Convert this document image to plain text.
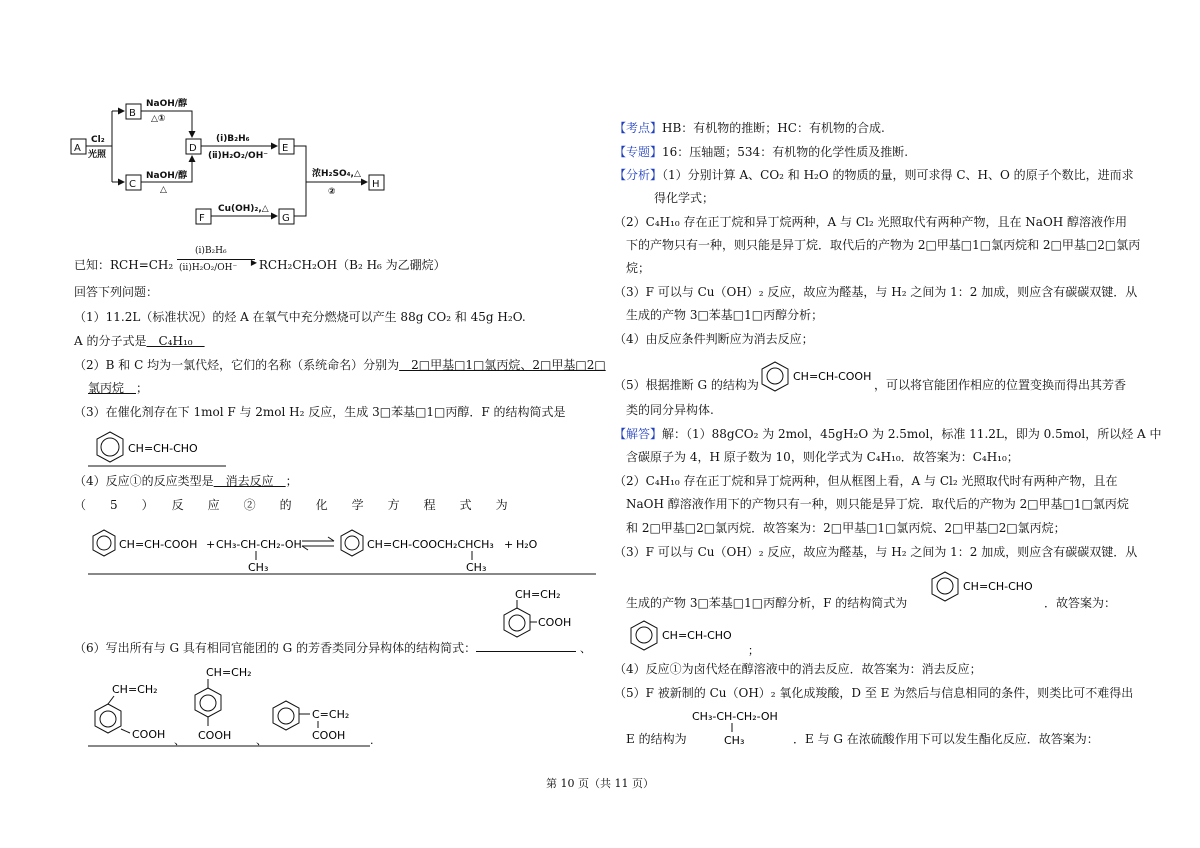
A
B
C
D	E
F	G
H
Cl₂
光照
NaOH/醇
△①
NaOH/醇
△
(ⅰ)B₂H₆
(ⅱ)H₂O₂/OH⁻
Cu(OH)₂,△
浓H₂SO₄,△
②
已知：RCH=CH₂
(ⅰ)B₂H₆
▶
(ⅱ)H₂O₂/OH⁻ RCH₂CH₂OH（B₂ H₆ 为乙硼烷）
回答下列问题：
（1）11.2L（标准状况）的烃 A 在氧气中充分燃烧可以产生 88g CO₂ 和 45g H₂O.
A 的分子式是　C₄H₁₀　
（2）B 和 C 均为一氯代烃，它们的名称（系统命名）分别为　2□甲基□1□氯丙烷、2□甲基□2□
氯丙烷　；
（3）在催化剂存在下 1mol F 与 2mol H₂ 反应，生成 3□苯基□1□丙醇．F 的结构简式是
CH=CH-CHO
（4）反应①的反应类型是　消去反应　；
（　　5　　）　　反　　应　　②　　的　　化　　学　　方　　程　　式　　为
CH=CH-COOH + CH₃-CH-CH₂-OH
CH₃
CH=CH-COOCH₂CHCH₃
CH₃
+ H₂O
CH=CH₂
COOH
、
（6）写出所有与 G 具有相同官能团的 G 的芳香类同分异构体的结构简式：
CH=CH₂
COOH 、
CH=CH₂
COOH 、
C=CH₂
COOH .
【考点】HB：有机物的推断；HC：有机物的合成.
【专题】16：压轴题；534：有机物的化学性质及推断.
【分析】（1）分别计算 A、CO₂ 和 H₂O 的物质的量，则可求得 C、H、O 的原子个数比，进而求
得化学式；
（2）C₄H₁₀ 存在正丁烷和异丁烷两种，A 与 Cl₂ 光照取代有两种产物，且在 NaOH 醇溶液作用
下的产物只有一种，则只能是异丁烷．取代后的产物为 2□甲基□1□氯丙烷和 2□甲基□2□氯丙
烷；
（3）F 可以与 Cu（OH）₂ 反应，故应为醛基，与 H₂ 之间为 1：2 加成，则应含有碳碳双键．从
生成的产物 3□苯基□1□丙醇分析；
（4）由反应条件判断应为消去反应；
（5）根据推断 G 的结构为
CH=CH-COOH
，可以将官能团作相应的位置变换而得出其芳香
类的同分异构体.
【解答】解：（1）88gCO₂ 为 2mol，45gH₂O 为 2.5mol，标准 11.2L，即为 0.5mol，所以烃 A 中
含碳原子为 4，H 原子数为 10，则化学式为 C₄H₁₀．故答案为：C₄H₁₀；
（2）C₄H₁₀ 存在正丁烷和异丁烷两种，但从框图上看，A 与 Cl₂ 光照取代时有两种产物，且在
NaOH 醇溶液作用下的产物只有一种，则只能是异丁烷．取代后的产物为 2□甲基□1□氯丙烷
和 2□甲基□2□氯丙烷．故答案为：2□甲基□1□氯丙烷、2□甲基□2□氯丙烷；
（3）F 可以与 Cu（OH）₂ 反应，故应为醛基，与 H₂ 之间为 1：2 加成，则应含有碳碳双键．从
生成的产物 3□苯基□1□丙醇分析，F 的结构简式为
CH=CH-CHO
．故答案为：
CH=CH-CHO
；
（4）反应①为卤代烃在醇溶液中的消去反应．故答案为：消去反应；
（5）F 被新制的 Cu（OH）₂ 氧化成羧酸，D 至 E 为然后与信息相同的条件，则类比可不难得出
CH₃-CH-CH₂-OH
CH₃
E 的结构为	．E 与 G 在浓硫酸作用下可以发生酯化反应．故答案为：
第 10 页（共 11 页）
